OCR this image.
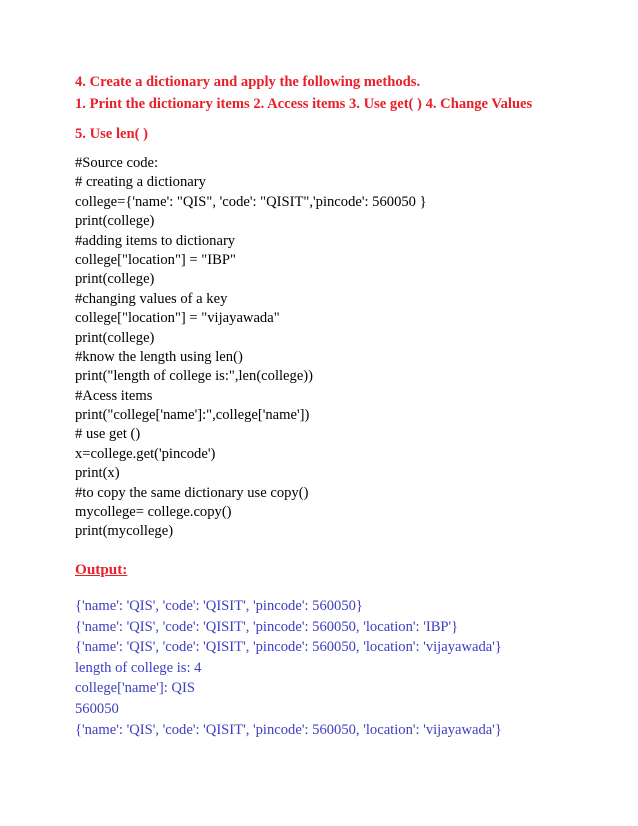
4. Create a dictionary and apply the following methods.
1. Print the dictionary items 2. Access items 3. Use get( ) 4. Change Values
5. Use len( )
#Source code:
# creating a dictionary
college={'name': "QIS", 'code': "QISIT",'pincode': 560050 }
print(college)
#adding items to dictionary
college["location"] = "IBP"
print(college)
#changing values of a key
college["location"] = "vijayawada"
print(college)
#know the length using len()
print("length of college is:",len(college))
#Acess items
print("college['name']:",college['name'])
# use get ()
x=college.get('pincode')
print(x)
#to copy the same dictionary use copy()
mycollege= college.copy()
print(mycollege)
Output:
{'name': 'QIS', 'code': 'QISIT', 'pincode': 560050}
{'name': 'QIS', 'code': 'QISIT', 'pincode': 560050, 'location': 'IBP'}
{'name': 'QIS', 'code': 'QISIT', 'pincode': 560050, 'location': 'vijayawada'}
length of college is: 4
college['name']: QIS
560050
{'name': 'QIS', 'code': 'QISIT', 'pincode': 560050, 'location': 'vijayawada'}
